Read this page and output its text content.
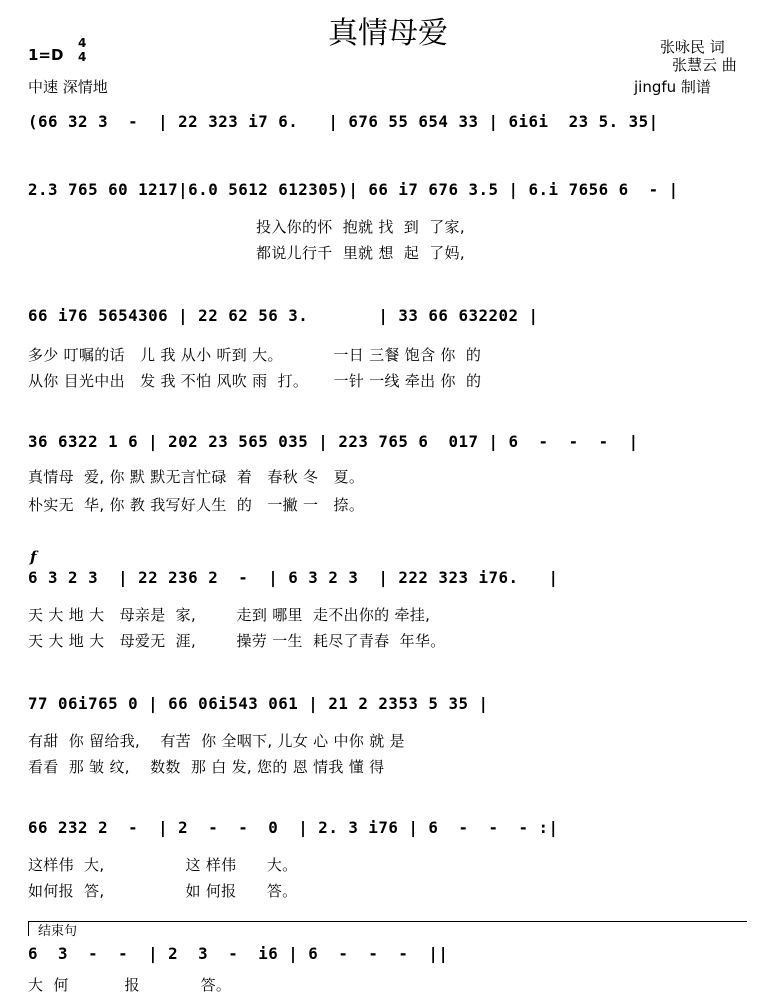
真情母爱
1=D
4
4
中速 深情地
张咏民 词
张慧云 曲
jingfu 制谱
(66 32 3  -  | 22 323 i7 6.   | 676 55 654 33 | 6i6i  23 5. 35|
2.3 765 60 1217|6.0 5612 612305)| 66 i7 676 3.5 | 6.i 7656 6  - |
投入你的怀  抱就 找  到  了家,
都说儿行千  里就 想  起  了妈,
66 i76 5654306 | 22 62 56 3.       | 33 66 632202 |
多少 叮嘱的话   儿 我 从小 听到 大。          一日 三餐 饱含 你  的
从你 目光中出   发 我 不怕 风吹 雨  打。     一针 一线 牵出 你  的
36 6322 1 6 | 202 23 565 035 | 223 765 6  017 | 6  -  -  -  |
真情母  爱, 你 默 默无言忙碌  着   春秋 冬   夏。
朴实无  华, 你 教 我写好人生  的   一撇 一   捺。
f
6 3 2 3  | 22 236 2  -  | 6 3 2 3  | 222 323 i76.   |
天 大 地 大   母亲是  家,        走到 哪里  走不出你的 牵挂,
天 大 地 大   母爱无  涯,        操劳 一生  耗尽了青春  年华。
77 06i765 0 | 66 06i543 061 | 21 2 2353 5 35 |
有甜  你 留给我,    有苦  你 全咽下, 儿女 心 中你 就 是
看看  那 皱 纹,    数数  那 白 发, 您的 恩 情我 懂 得
66 232 2  -  | 2  -  -  0  | 2. 3 i76 | 6  -  -  - :|
这样伟  大,                这 样伟      大。
如何报  答,                如 何报      答。
结束句
6  3  -  -  | 2  3  -  i6 | 6  -  -  -  ||
大  何           报            答。
